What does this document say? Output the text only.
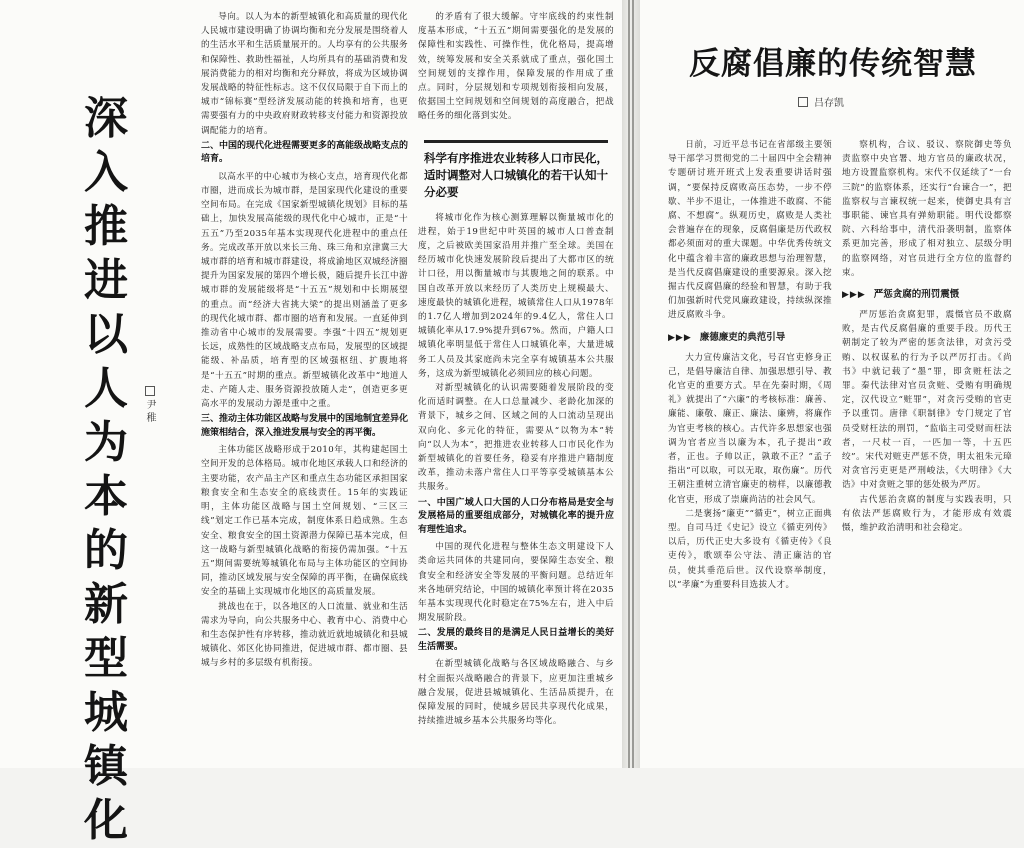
深
入
推
进
以
人
为
本
的
新
型
城
镇
化
尹 稚

导向。以人为本的新型城镇化和高质量的现代化人民城市建设明确了协调均衡和充分发展是围绕着人的生活水平和生活质量展开的。人均享有的公共服务和保障性、救助性福祉，人均所具有的基础消费和发展消费能力的相对均衡和充分释放，将成为区域协调发展战略的特征性标志。这不仅仅局限于自下而上的城市“锦标赛”型经济发展动能的转换和培育，也更需要强有力的中央政府财政转移支付能力和资源投放调配能力的培育。

二、中国的现代化进程需要更多的高能级战略支点的培育。

以高水平的中心城市为核心支点，培育现代化都市圈，进而成长为城市群，是国家现代化建设的重要空间布局。在完成《国家新型城镇化规划》目标的基础上，加快发展高能级的现代化中心城市，正是“十五五”乃至2035年基本实现现代化进程中的重点任务。完成改革开放以来长三角、珠三角和京津冀三大城市群的培育和城市群建设，将成渝地区双城经济圈提升为国家发展的第四个增长极，随后提升长江中游城市群的发展能级将是“十五五”规划和中长期展望的重点。而“经济大省挑大梁”的提出则涵盖了更多的现代化城市群、都市圈的培育和发展。一直延伸到推动省中心城市的发展需要。李强“十四五”规划更长远，成熟性的区域战略支点布局，发展型的区域提能级、补品质，培育型的区域强枢纽、扩腹地将是“十五五”时期的重点。新型城镇化改革中“地道人走、产随人走、服务资源投放随人走”，创造更多更高水平的发展动力源是重中之重。

三、推动主体功能区战略与发展中的国地制宜差异化施策相结合，深入推进发展与安全的再平衡。

主体功能区战略形成于2010年，其构建起国土空间开发的总体格局。城市化地区承载人口和经济的主要功能，农产品主产区和重点生态功能区承担国家粮食安全和生态安全的底线责任。15年的实践证明，主体功能区战略与国土空间规划、“三区三线”划定工作已基本完成，制度体系日趋成熟。生态安全、粮食安全的国土资源潜力保障已基本完成，但这一战略与新型城镇化战略的衔接仍需加强。“十五五”期间需要统筹城镇化布局与主体功能区的空间协同，推动区域发展与安全保障的再平衡，在确保底线安全的基础上实现城市化地区的高质量发展。

挑战也在于，以各地区的人口流量、就业和生活需求为导向，向公共服务中心、教育中心、消费中心和生态保护性有序转移，推动就近就地城镇化和县城城镇化、郊区化协同推进，促进城市群、都市圈、县城与乡村的多层级有机衔接。

的矛盾有了很大缓解。守牢底线的约束性制度基本形成，“十五五”期间需要强化的是发展的保障性和实践性、可操作性，优化格局，提高增效，统筹发展和安全关系就成了重点，强化国土空间规划的支撑作用，保障发展的作用成了重点。同时，分层规划和专项规划衔接相向发展，依据国土空间规划和空间规划的高度融合，把战略任务的细化落到实处。

科学有序推进农业转移人口市民化，适时调整对人口城镇化的若干认知十分必要

将城市化作为核心测算理解以衡量城市化的进程，始于19世纪中叶英国的城市人口普查制度，之后被欧美国家沿用并推广至全球。美国在经历城市化快速发展阶段后提出了大都市区的统计口径，用以衡量城市与其腹地之间的联系。中国自改革开放以来经历了人类历史上规模最大、速度最快的城镇化进程，城镇常住人口从1978年的1.7亿人增加到2024年的9.4亿人，常住人口城镇化率从17.9%提升到67%。然而，户籍人口城镇化率明显低于常住人口城镇化率，大量进城务工人员及其家庭尚未完全享有城镇基本公共服务，这成为新型城镇化必须回应的核心问题。

对新型城镇化的认识需要随着发展阶段的变化而适时调整。在人口总量减少、老龄化加深的背景下，城乡之间、区域之间的人口流动呈现出双向化、多元化的特征，需要从“以物为本”转向“以人为本”，把推进农业转移人口市民化作为新型城镇化的首要任务，稳妥有序推进户籍制度改革，推动未落户常住人口平等享受城镇基本公共服务。

一、中国广域人口大国的人口分布格局是安全与发展格局的重要组成部分，对城镇化率的提升应有理性追求。

中国的现代化进程与整体生态文明建设下人类命运共同体的共建同向，要保障生态安全、粮食安全和经济安全等发展的平衡问题。总结近年来各地研究结论，中国的城镇化率预计将在2035年基本实现现代化时稳定在75%左右，进入中后期发展阶段。

二、发展的最终目的是满足人民日益增长的美好生活需要。

在新型城镇化战略与各区域战略融合、与乡村全面振兴战略融合的背景下，应更加注重城乡融合发展，促进县城城镇化、生活品质提升，在保障发展的同时，使城乡居民共享现代化成果，持续推进城乡基本公共服务均等化。

反腐倡廉的传统智慧
吕存凯

日前，习近平总书记在省部级主要领导干部学习贯彻党的二十届四中全会精神专题研讨班开班式上发表重要讲话时强调，“要保持反腐败高压态势，一步不停歇、半步不退让，一体推进不敢腐、不能腐、不想腐”。纵观历史，腐败是人类社会普遍存在的现象，反腐倡廉是历代政权都必须面对的重大课题。中华优秀传统文化中蕴含着丰富的廉政思想与治理智慧，是当代反腐倡廉建设的重要源泉。深入挖掘古代反腐倡廉的经验和智慧，有助于我们加强新时代党风廉政建设，持续纵深推进反腐败斗争。

▶▶▶ 廉德廉吏的典范引导

大力宣传廉洁文化，号召官吏修身正己，是倡导廉洁自律、加强思想引导、教化官吏的重要方式。早在先秦时期，《周礼》就提出了“六廉”的考核标准：廉善、廉能、廉敬、廉正、廉法、廉辨，将廉作为官吏考核的核心。古代许多思想家也强调为官者应当以廉为本，孔子提出“政者，正也。子帅以正，孰敢不正？”孟子指出“可以取，可以无取，取伤廉”。历代王朝注重树立清官廉吏的榜样，以廉德教化官吏，形成了崇廉尚洁的社会风气。

二是褒扬“廉吏”“循吏”，树立正面典型。自司马迁《史记》设立《循吏列传》以后，历代正史大多设有《循吏传》《良吏传》，歌颂奉公守法、清正廉洁的官员，使其垂范后世。汉代设察举制度，以“孝廉”为重要科目选拔人才。

察机构，合议、驳议、察院御史等负责监察中央官署、地方官员的廉政状况，地方设置监察机构。宋代不仅延续了“一台三院”的监察体系，还实行“台谏合一”，把监察权与言谏权统一起来，使御史具有言事职能、谏官具有弹劾职能。明代设都察院、六科给事中，清代沿袭明制，监察体系更加完善，形成了相对独立、层级分明的监察网络，对官员进行全方位的监督约束。

▶▶▶ 严惩贪腐的刑罚震慑

严厉惩治贪腐犯罪，震慑官员不敢腐败，是古代反腐倡廉的重要手段。历代王朝制定了较为严密的惩贪法律，对贪污受贿、以权谋私的行为予以严厉打击。《尚书》中就记载了“墨”罪，即贪赃枉法之罪。秦代法律对官员贪赃、受贿有明确规定，汉代设立“赃罪”，对贪污受贿的官吏予以重罚。唐律《职制律》专门规定了官员受财枉法的刑罚，“监临主司受财而枉法者，一尺杖一百，一匹加一等，十五匹绞”。宋代对赃吏严惩不贷，明太祖朱元璋对贪官污吏更是严刑峻法，《大明律》《大诰》中对贪赃之罪的惩处极为严厉。

古代惩治贪腐的制度与实践表明，只有依法严惩腐败行为，才能形成有效震慑，维护政治清明和社会稳定。
